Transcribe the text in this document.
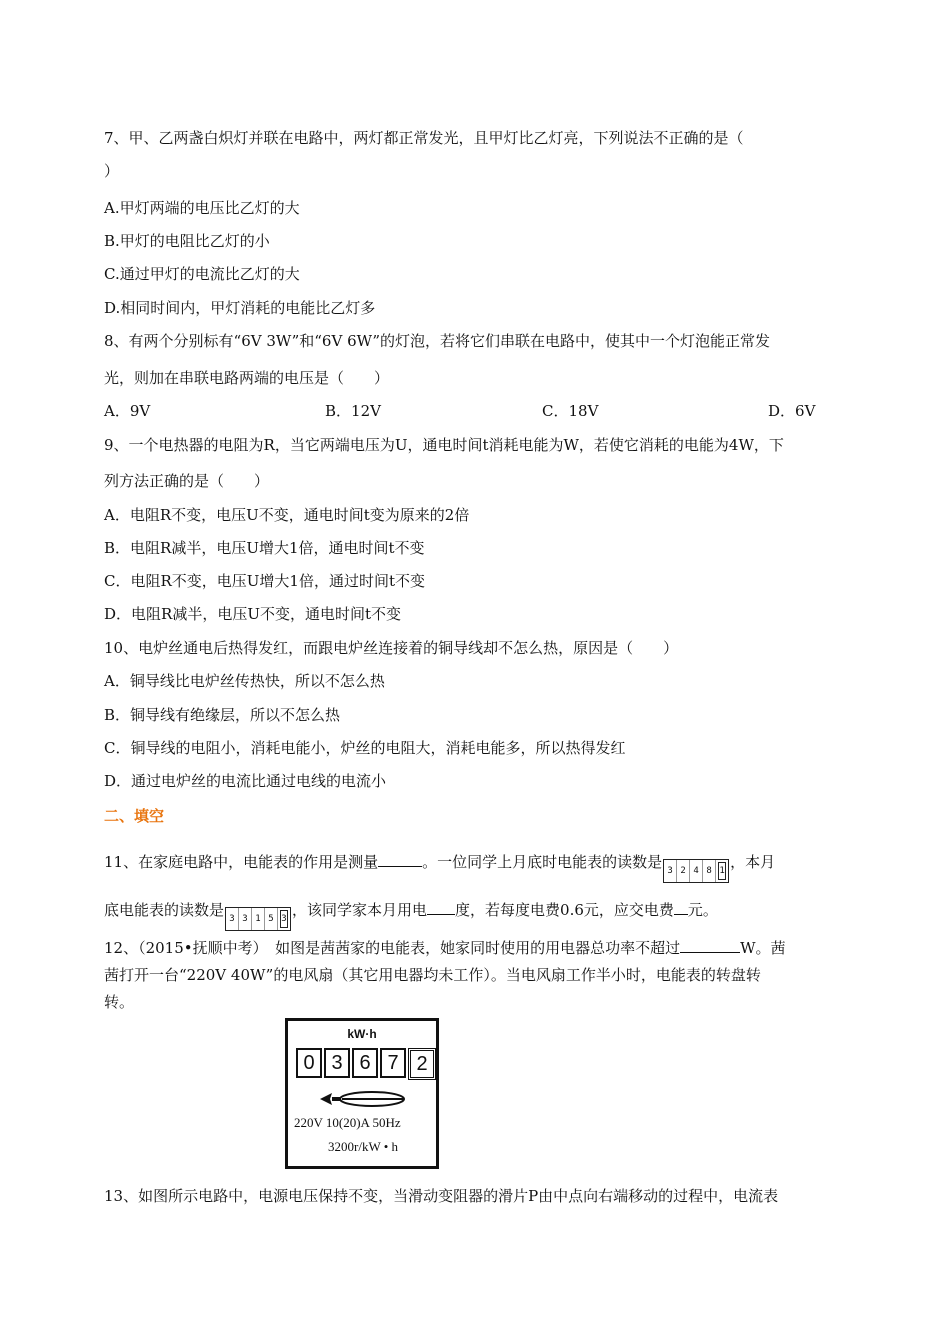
7、甲、乙两盏白炽灯并联在电路中，两灯都正常发光，且甲灯比乙灯亮，下列说法不正确的是（
）
A.甲灯两端的电压比乙灯的大
B.甲灯的电阻比乙灯的小
C.通过甲灯的电流比乙灯的大
D.相同时间内，甲灯消耗的电能比乙灯多
8、有两个分别标有“6V 3W”和“6V 6W”的灯泡，若将它们串联在电路中，使其中一个灯泡能正常发
光，则加在串联电路两端的电压是（　　）
A．9V	B．12V	C．18V	D．6V
9、一个电热器的电阻为R，当它两端电压为U，通电时间t消耗电能为W，若使它消耗的电能为4W，下
列方法正确的是（　　）
A．电阻R不变，电压U不变，通电时间t变为原来的2倍
B．电阻R减半，电压U增大1倍，通电时间t不变
C．电阻R不变，电压U增大1倍，通过时间t不变
D．电阻R减半，电压U不变，通电时间t不变
10、电炉丝通电后热得发红，而跟电炉丝连接着的铜导线却不怎么热，原因是（　　）
A．铜导线比电炉丝传热快，所以不怎么热
B．铜导线有绝缘层，所以不怎么热
C．铜导线的电阻小，消耗电能小，炉丝的电阻大，消耗电能多，所以热得发红
D．通过电炉丝的电流比通过电线的电流小
二、填空
11、在家庭电路中，电能表的作用是测量	。一位同学上月底时电能表的读数是 3 2 4 8 1 ，本月
底电能表的读数是 3 3 1 5 3 ，该同学家本月用电 度，若每度电费0.6元，应交电费 元。
12、（2015•抚顺中考）　如图是茜茜家的电能表，她家同时使用的用电器总功率不超过	W。茜
茜打开一台“220V 40W”的电风扇（其它用电器均未工作）。当电风扇工作半小时，电能表的转盘转
转。
kW·h
0 3 6 7 2
220V 10(20)A 50Hz
3200r/kW • h
13、如图所示电路中，电源电压保持不变，当滑动变阻器的滑片P由中点向右端移动的过程中，电流表
